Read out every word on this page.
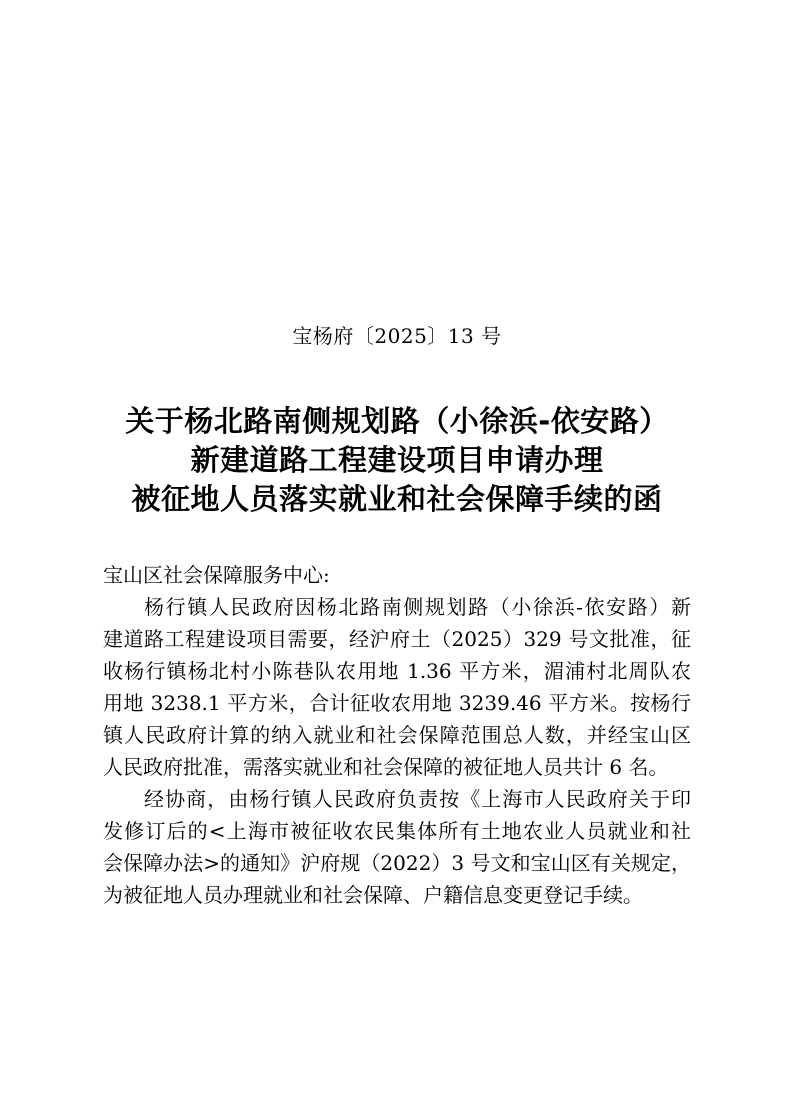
宝杨府〔2025〕13 号
关于杨北路南侧规划路（小徐浜-依安路）
新建道路工程建设项目申请办理
被征地人员落实就业和社会保障手续的函

宝山区社会保障服务中心:

杨行镇人民政府因杨北路南侧规划路（小徐浜-依安路）新
建道路工程建设项目需要，经沪府土（2025）329 号文批准，征
收杨行镇杨北村小陈巷队农用地 1.36 平方米，湄浦村北周队农
用地 3238.1 平方米，合计征收农用地 3239.46 平方米。按杨行
镇人民政府计算的纳入就业和社会保障范围总人数，并经宝山区
人民政府批准，需落实就业和社会保障的被征地人员共计 6 名。

经协商，由杨行镇人民政府负责按《上海市人民政府关于印
发修订后的<上海市被征收农民集体所有土地农业人员就业和社
会保障办法>的通知》沪府规（2022）3 号文和宝山区有关规定，
为被征地人员办理就业和社会保障、户籍信息变更登记手续。
